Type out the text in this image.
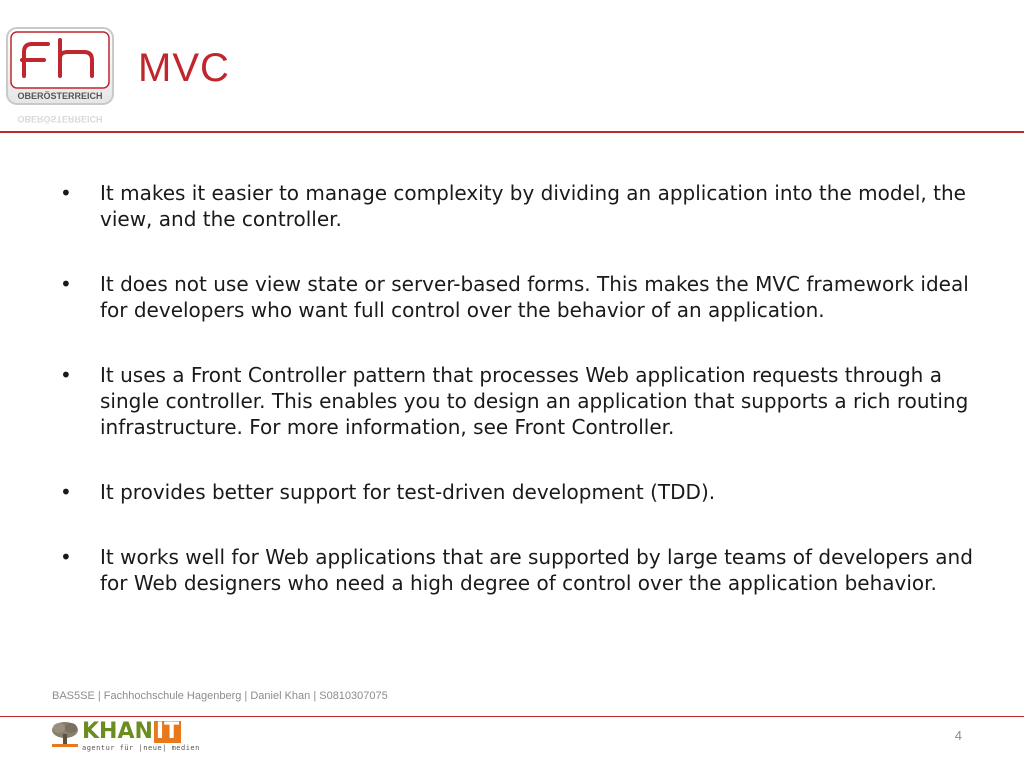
OBERÖSTERREICH
OBERÖSTERREICH
MVC
• It makes it easier to manage complexity by dividing an application into the model, the view, and the controller.
• It does not use view state or server-based forms. This makes the MVC framework ideal for developers who want full control over the behavior of an application.
• It uses a Front Controller pattern that processes Web application requests through a single controller. This enables you to design an application that supports a rich routing infrastructure. For more information, see Front Controller.
• It provides better support for test-driven development (TDD).
• It works well for Web applications that are supported by large teams of developers and for Web designers who need a high degree of control over the application behavior.
BAS5SE | Fachhochschule Hagenberg | Daniel Khan | S0810307075
KHAN IT
agentur für |neue| medien
4
